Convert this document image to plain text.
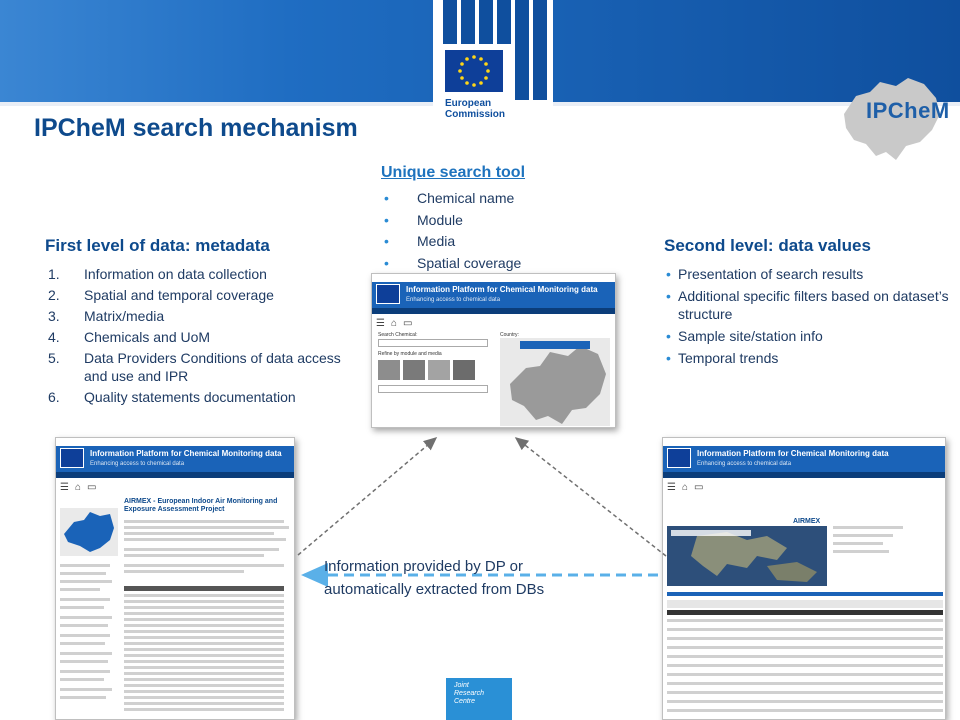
European
Commission	IPCheM
IPCheM search mechanism
Unique search tool
• Chemical name
• Module
• Media
• Spatial coverage
First level of data: metadata
1.	Information on data collection
2.	Spatial and temporal coverage
3.	Matrix/media
4.	Chemicals and UoM
5.	Data Providers Conditions of data access and use and IPR
6.	Quality statements documentation
Second level: data values
• Presentation of search results
• Additional specific filters based on dataset’s structure
• Sample site/station info
• Temporal trends
Information Platform for Chemical Monitoring data
Enhancing access to chemical data
☰ ⌂ ▭
Search Chemical:
Refine by module and media
Country:
Information Platform for Chemical Monitoring data
Enhancing access to chemical data
☰ ⌂ ▭
AIRMEX - European Indoor Air Monitoring and Exposure Assessment Project
Information Platform for Chemical Monitoring data
Enhancing access to chemical data
☰ ⌂ ▭
AIRMEX
Information provided by DP or
automatically extracted from DBs
Joint
Research
Centre
